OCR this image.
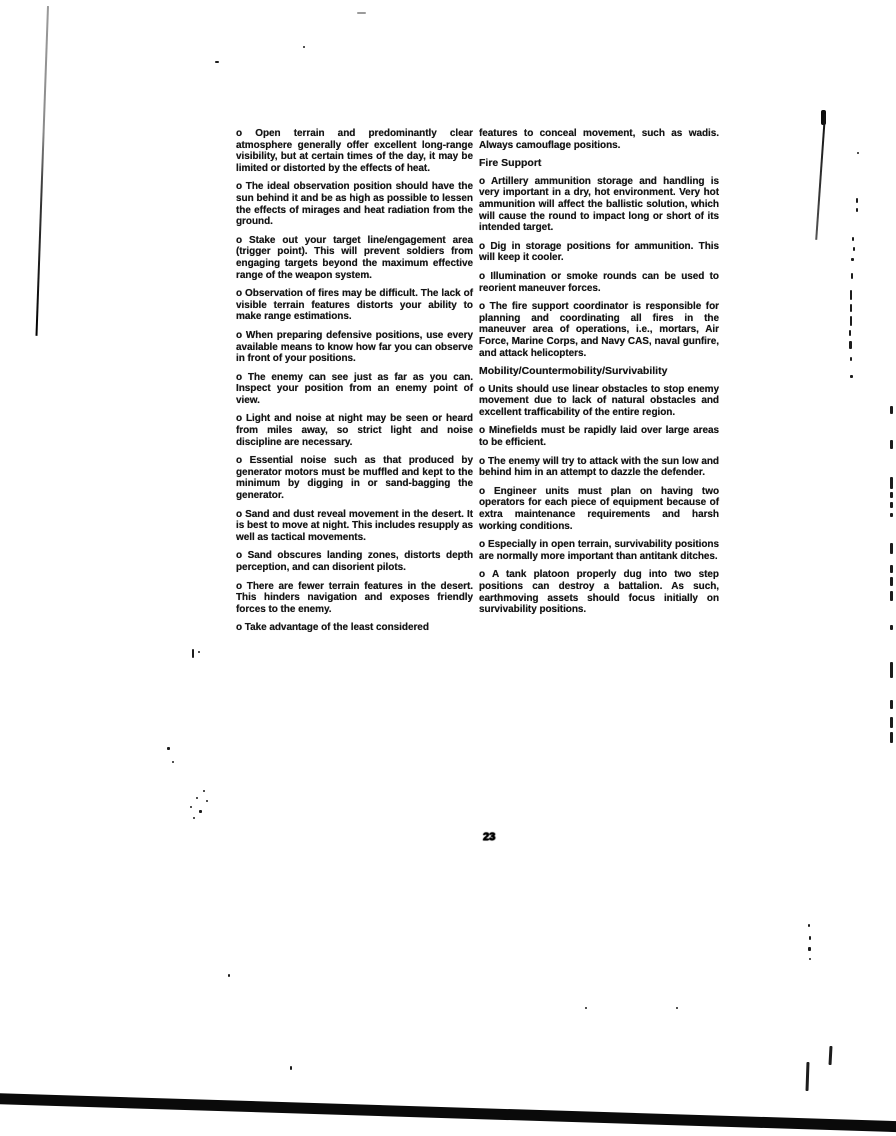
o Open terrain and predominantly clear atmosphere generally offer excellent long-range visibility, but at certain times of the day, it may be limited or distorted by the effects of heat.

o The ideal observation position should have the sun behind it and be as high as possible to lessen the effects of mirages and heat radiation from the ground.

o Stake out your target line/engagement area (trigger point). This will prevent soldiers from engaging targets beyond the maximum effective range of the weapon system.

o Observation of fires may be difficult. The lack of visible terrain features distorts your ability to make range estimations.

o When preparing defensive positions, use every available means to know how far you can observe in front of your positions.

o The enemy can see just as far as you can. Inspect your position from an enemy point of view.

o Light and noise at night may be seen or heard from miles away, so strict light and noise discipline are necessary.

o Essential noise such as that produced by generator motors must be muffled and kept to the minimum by digging in or sand-bagging the generator.

o Sand and dust reveal movement in the desert. It is best to move at night. This includes resupply as well as tactical movements.

o Sand obscures landing zones, distorts depth perception, and can disorient pilots.

o There are fewer terrain features in the desert. This hinders navigation and exposes friendly forces to the enemy.

o Take advantage of the least considered

features to conceal movement, such as wadis. Always camouflage positions.

Fire Support

o Artillery ammunition storage and handling is very important in a dry, hot environment. Very hot ammunition will affect the ballistic solution, which will cause the round to impact long or short of its intended target.

o Dig in storage positions for ammunition. This will keep it cooler.

o Illumination or smoke rounds can be used to reorient maneuver forces.

o The fire support coordinator is responsible for planning and coordinating all fires in the maneuver area of operations, i.e., mortars, Air Force, Marine Corps, and Navy CAS, naval gunfire, and attack helicopters.

Mobility/Countermobility/Survivability

o Units should use linear obstacles to stop enemy movement due to lack of natural obstacles and excellent trafficability of the entire region.

o Minefields must be rapidly laid over large areas to be efficient.

o The enemy will try to attack with the sun low and behind him in an attempt to dazzle the defender.

o Engineer units must plan on having two operators for each piece of equipment because of extra maintenance requirements and harsh working conditions.

o Especially in open terrain, survivability positions are normally more important than antitank ditches.

o A tank platoon properly dug into two step positions can destroy a battalion. As such, earthmoving assets should focus initially on survivability positions.

23
